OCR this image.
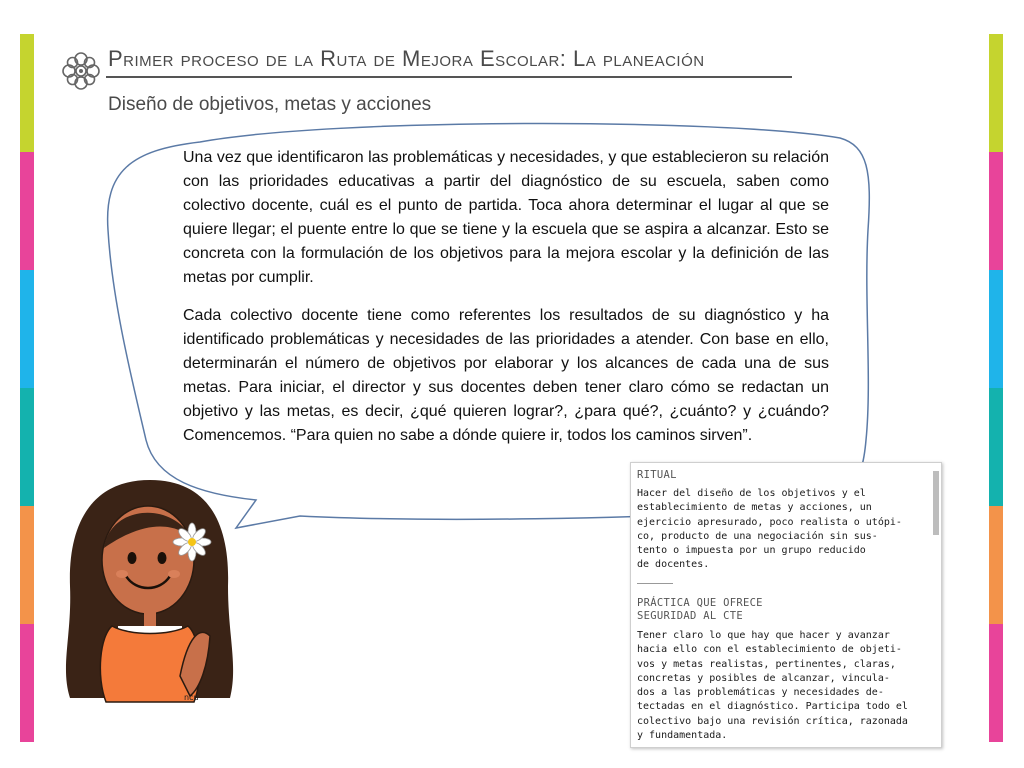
Primer proceso de la Ruta de Mejora Escolar: La planeación
Diseño de objetivos, metas y acciones

Una vez que identificaron las problemáticas y necesidades, y que establecieron su relación con las prioridades educativas a partir del diagnóstico de su escuela, saben como colectivo docente, cuál es el punto de partida. Toca ahora determinar el lugar al que se quiere llegar; el puente entre lo que se tiene y la escuela que se aspira a alcanzar. Esto se concreta con la formulación de los objetivos para la mejora escolar y la definición de las metas por cumplir.

Cada colectivo docente tiene como referentes los resultados de su diagnóstico y ha identificado problemáticas y necesidades de las prioridades a atender. Con base en ello, determinarán el número de objetivos por elaborar y los alcances de cada una de sus metas. Para iniciar, el director y sus docentes deben tener claro cómo se redactan un objetivo y las metas, es decir, ¿qué quieren lograr?, ¿para qué?, ¿cuánto? y ¿cuándo? Comencemos. “Para quien no sabe a dónde quiere ir, todos los caminos sirven”.

ncu
RITUAL
Hacer del diseño de los objetivos y el
establecimiento de metas y acciones, un
ejercicio apresurado, poco realista o utópi-
co, producto de una negociación sin sus-
tento o impuesta por un grupo reducido
de docentes.
PRÁCTICA QUE OFRECE
SEGURIDAD AL CTE
Tener claro lo que hay que hacer y avanzar
hacia ello con el establecimiento de objeti-
vos y metas realistas, pertinentes, claras,
concretas y posibles de alcanzar, vincula-
dos a las problemáticas y necesidades de-
tectadas en el diagnóstico. Participa todo el
colectivo bajo una revisión crítica, razonada
y fundamentada.
